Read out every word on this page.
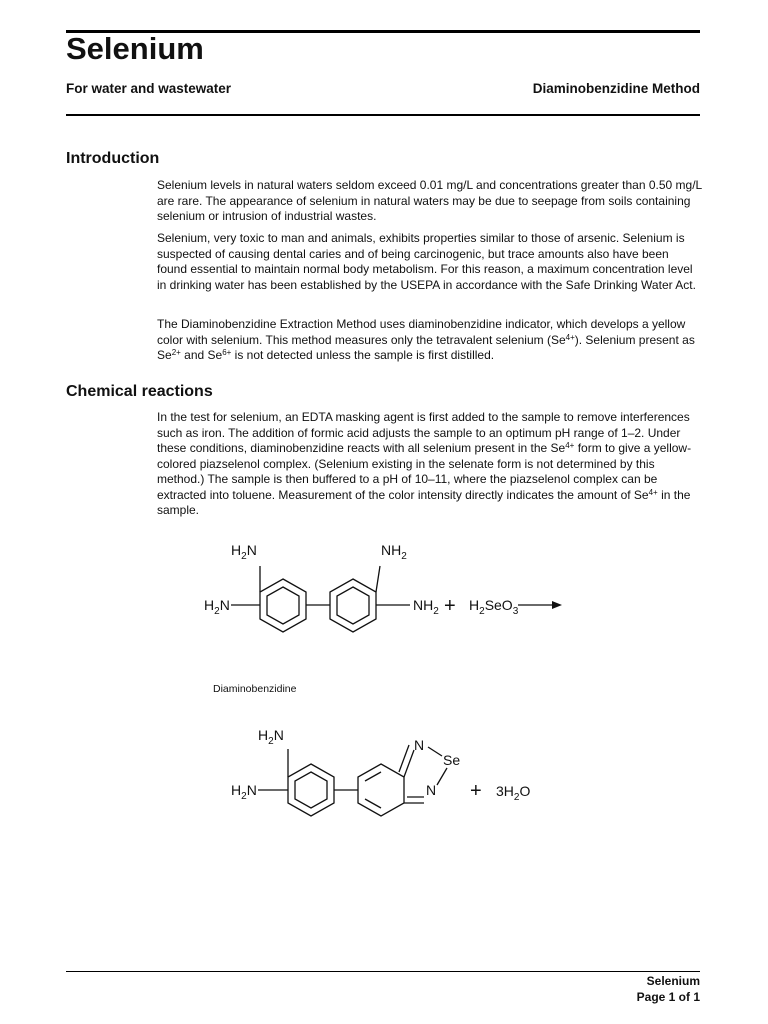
Selenium
For water and wastewater	Diaminobenzidine Method
Introduction

Selenium levels in natural waters seldom exceed 0.01 mg/L and concentrations greater than 0.50 mg/L are rare. The appearance of selenium in natural waters may be due to seepage from soils containing selenium or intrusion of industrial wastes.

Selenium, very toxic to man and animals, exhibits properties similar to those of arsenic. Selenium is suspected of causing dental caries and of being carcinogenic, but trace amounts also have been found essential to maintain normal body metabolism. For this reason, a maximum concentration level in drinking water has been established by the USEPA in accordance with the Safe Drinking Water Act.

The Diaminobenzidine Extraction Method uses diaminobenzidine indicator, which develops a yellow color with selenium. This method measures only the tetravalent selenium $(Se^{4+})$. Selenium present as $Se^{2+}$ and $Se^{6+}$ is not detected unless the sample is first distilled.

Chemical reactions

In the test for selenium, an EDTA masking agent is first added to the sample to remove interferences such as iron. The addition of formic acid adjusts the sample to an optimum pH range of 1–2. Under these conditions, diaminobenzidine reacts with all selenium present in the $Se^{4+}$ form to give a yellow-colored piazselenol complex. (Selenium existing in the selenate form is not determined by this method.) The sample is then buffered to a pH of 10–11, where the piazselenol complex can be extracted into toluene. Measurement of the color intensity directly indicates the amount of $Se^{4+}$ in the sample.

$H_2N$	$NH_2$
$H_2N$	$NH_2 + H_2SeO_3$
Diaminobenzidine
$H_2N$
$H_2N$
N
Se
$N + 3H_2O$
Selenium
Page 1 of 1
